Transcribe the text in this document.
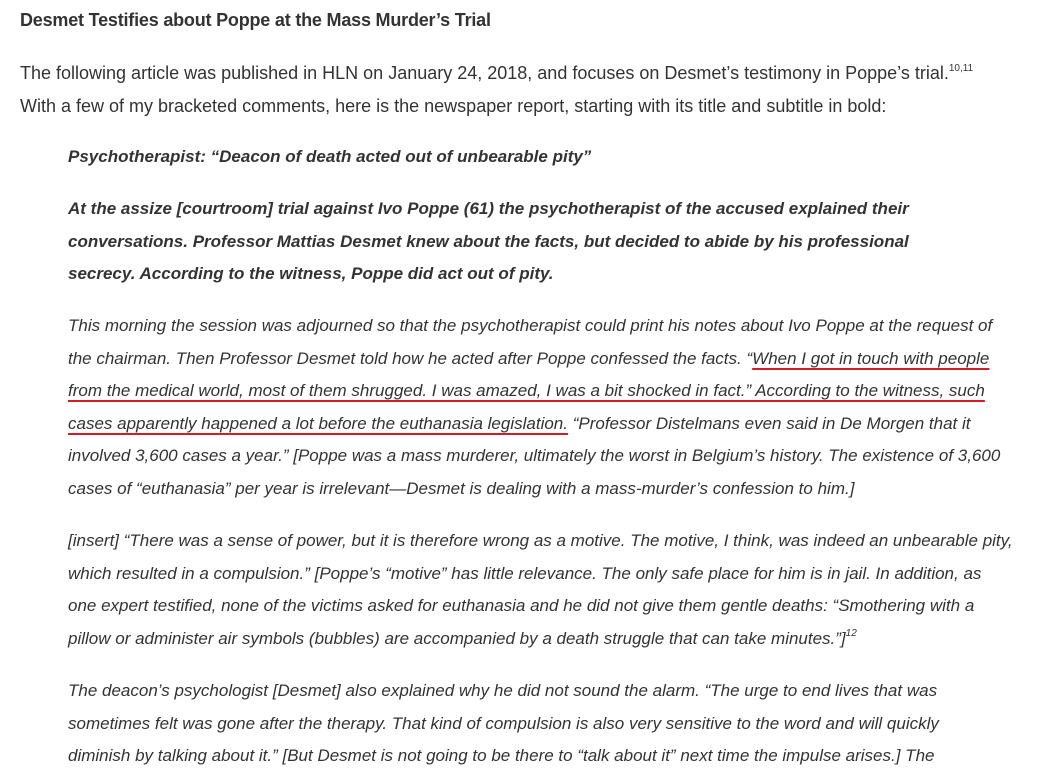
Desmet Testifies about Poppe at the Mass Murder’s Trial
The following article was published in HLN on January 24, 2018, and focuses on Desmet’s testimony in Poppe’s trial.$^{10,11}$
With a few of my bracketed comments, here is the newspaper report, starting with its title and subtitle in bold:
Psychotherapist: “Deacon of death acted out of unbearable pity”
At the assize [courtroom] trial against Ivo Poppe (61) the psychotherapist of the accused explained their
conversations. Professor Mattias Desmet knew about the facts, but decided to abide by his professional
secrecy. According to the witness, Poppe did act out of pity.
This morning the session was adjourned so that the psychotherapist could print his notes about Ivo Poppe at the request of
the chairman. Then Professor Desmet told how he acted after Poppe confessed the facts. “When I got in touch with people
from the medical world, most of them shrugged. I was amazed, I was a bit shocked in fact.” According to the witness, such
cases apparently happened a lot before the euthanasia legislation. “Professor Distelmans even said in De Morgen that it
involved 3,600 cases a year.” [Poppe was a mass murderer, ultimately the worst in Belgium’s history. The existence of 3,600
cases of “euthanasia” per year is irrelevant—Desmet is dealing with a mass-murder’s confession to him.]
[insert] “There was a sense of power, but it is therefore wrong as a motive. The motive, I think, was indeed an unbearable pity,
which resulted in a compulsion.” [Poppe’s “motive” has little relevance. The only safe place for him is in jail. In addition, as
one expert testified, none of the victims asked for euthanasia and he did not give them gentle deaths: “Smothering with a
pillow or administer air symbols (bubbles) are accompanied by a death struggle that can take minutes.”]$^{12}$
The deacon’s psychologist [Desmet] also explained why he did not sound the alarm. “The urge to end lives that was
sometimes felt was gone after the therapy. That kind of compulsion is also very sensitive to the word and will quickly
diminish by talking about it.” [But Desmet is not going to be there to “talk about it” next time the impulse arises.] The
